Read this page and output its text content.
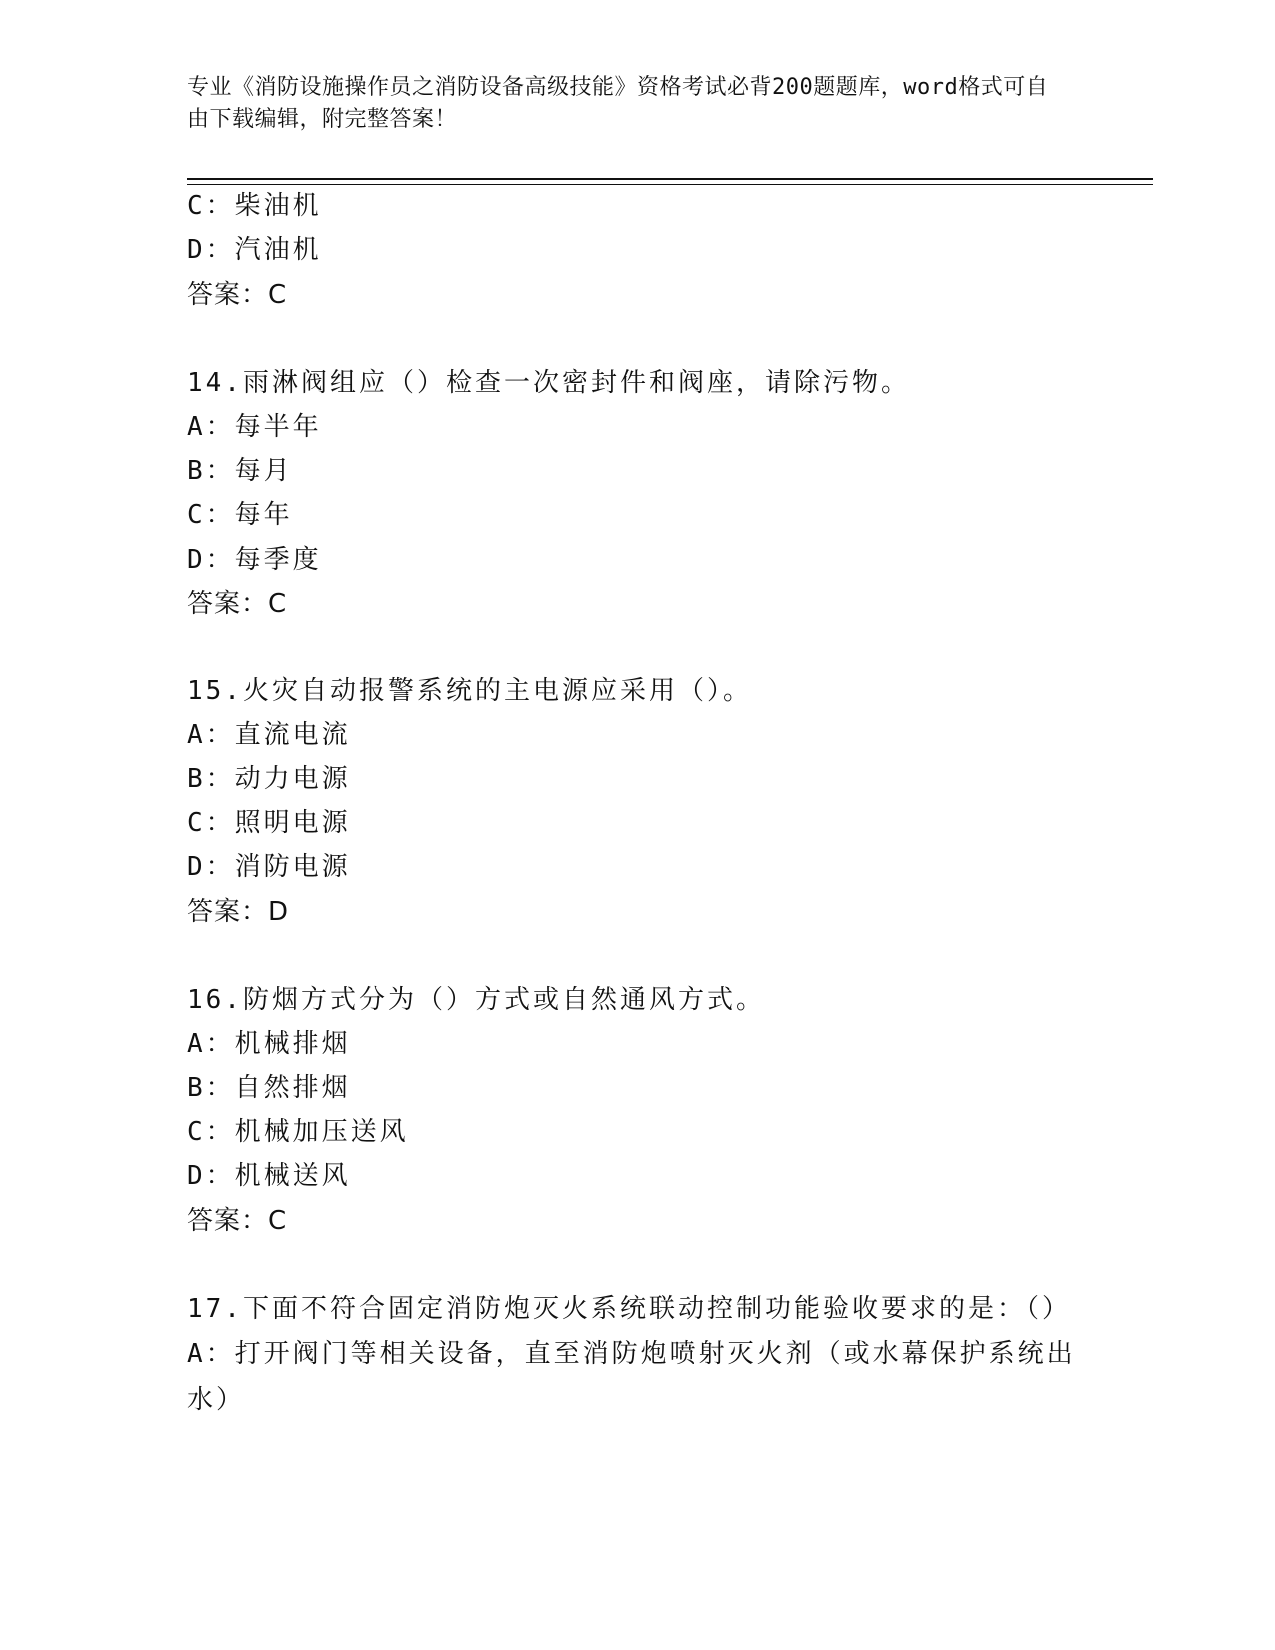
专业《消防设施操作员之消防设备高级技能》资格考试必背200题题库，word格式可自由下载编辑，附完整答案！
C：柴油机
D：汽油机
答案：C
14.雨淋阀组应（）检查一次密封件和阀座，请除污物。
A：每半年
B：每月
C：每年
D：每季度
答案：C
15.火灾自动报警系统的主电源应采用（）。
A：直流电流
B：动力电源
C：照明电源
D：消防电源
答案：D
16.防烟方式分为（）方式或自然通风方式。
A：机械排烟
B：自然排烟
C：机械加压送风
D：机械送风
答案：C
17.下面不符合固定消防炮灭火系统联动控制功能验收要求的是：（）
A：打开阀门等相关设备，直至消防炮喷射灭火剂（或水幕保护系统出水）
